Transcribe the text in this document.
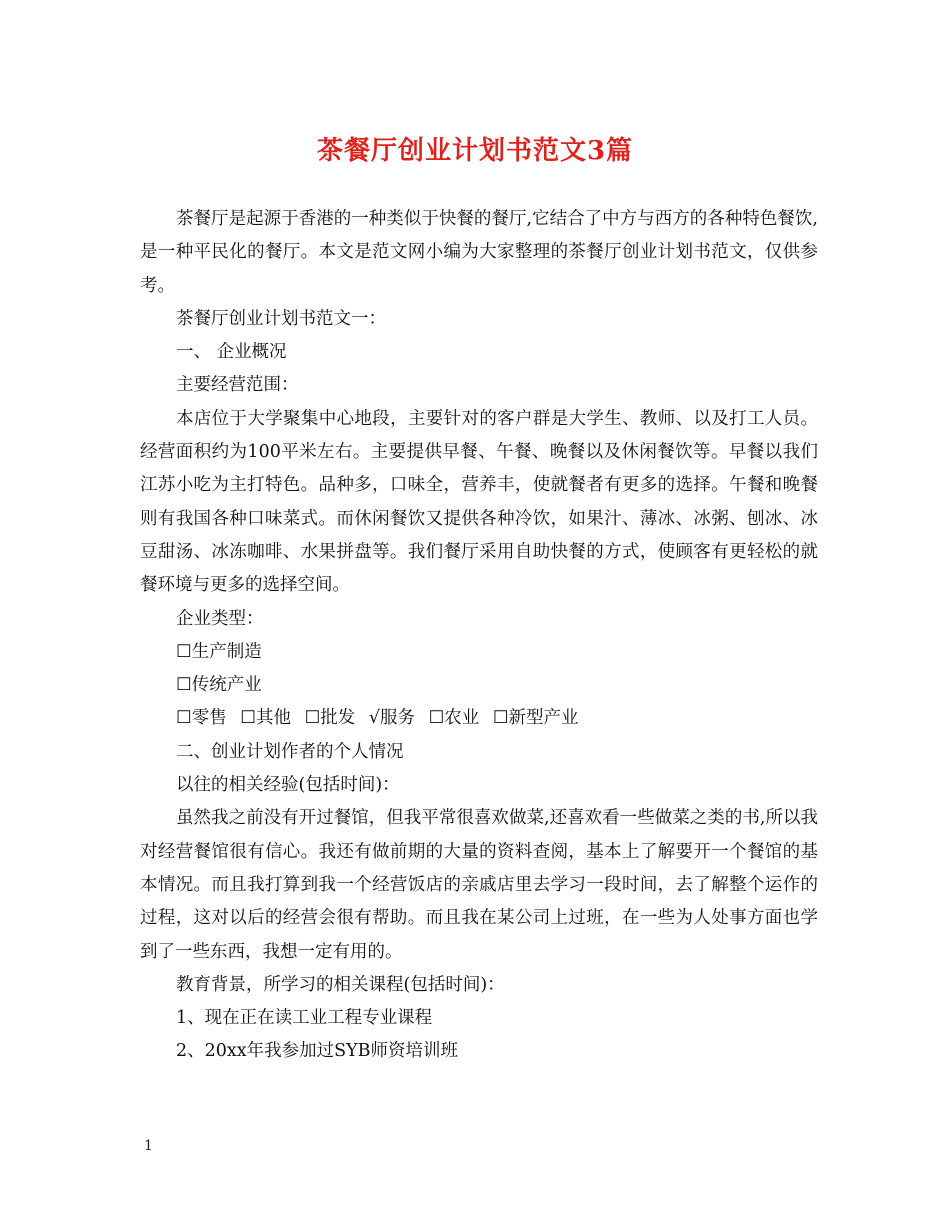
茶餐厅创业计划书范文3篇

茶餐厅是起源于香港的一种类似于快餐的餐厅,它结合了中方与西方的各种特色餐饮,是一种平民化的餐厅。本文是范文网小编为大家整理的茶餐厅创业计划书范文，仅供参考。

茶餐厅创业计划书范文一：

一、 企业概况

主要经营范围：

本店位于大学聚集中心地段，主要针对的客户群是大学生、教师、以及打工人员。经营面积约为100平米左右。主要提供早餐、午餐、晚餐以及休闲餐饮等。早餐以我们江苏小吃为主打特色。品种多，口味全，营养丰，使就餐者有更多的选择。午餐和晚餐则有我国各种口味菜式。而休闲餐饮又提供各种冷饮，如果汁、薄冰、冰粥、刨冰、冰豆甜汤、冰冻咖啡、水果拼盘等。我们餐厅采用自助快餐的方式，使顾客有更轻松的就餐环境与更多的选择空间。

企业类型：

☐生产制造

☐传统产业

☐零售 ☐其他 ☐批发 √服务 ☐农业 ☐新型产业

二、创业计划作者的个人情况

以往的相关经验(包括时间)：

虽然我之前没有开过餐馆，但我平常很喜欢做菜,还喜欢看一些做菜之类的书,所以我对经营餐馆很有信心。我还有做前期的大量的资料查阅，基本上了解要开一个餐馆的基本情况。而且我打算到我一个经营饭店的亲戚店里去学习一段时间，去了解整个运作的过程，这对以后的经营会很有帮助。而且我在某公司上过班，在一些为人处事方面也学到了一些东西，我想一定有用的。

教育背景，所学习的相关课程(包括时间)：

1、现在正在读工业工程专业课程

2、20xx年我参加过SYB师资培训班

1
